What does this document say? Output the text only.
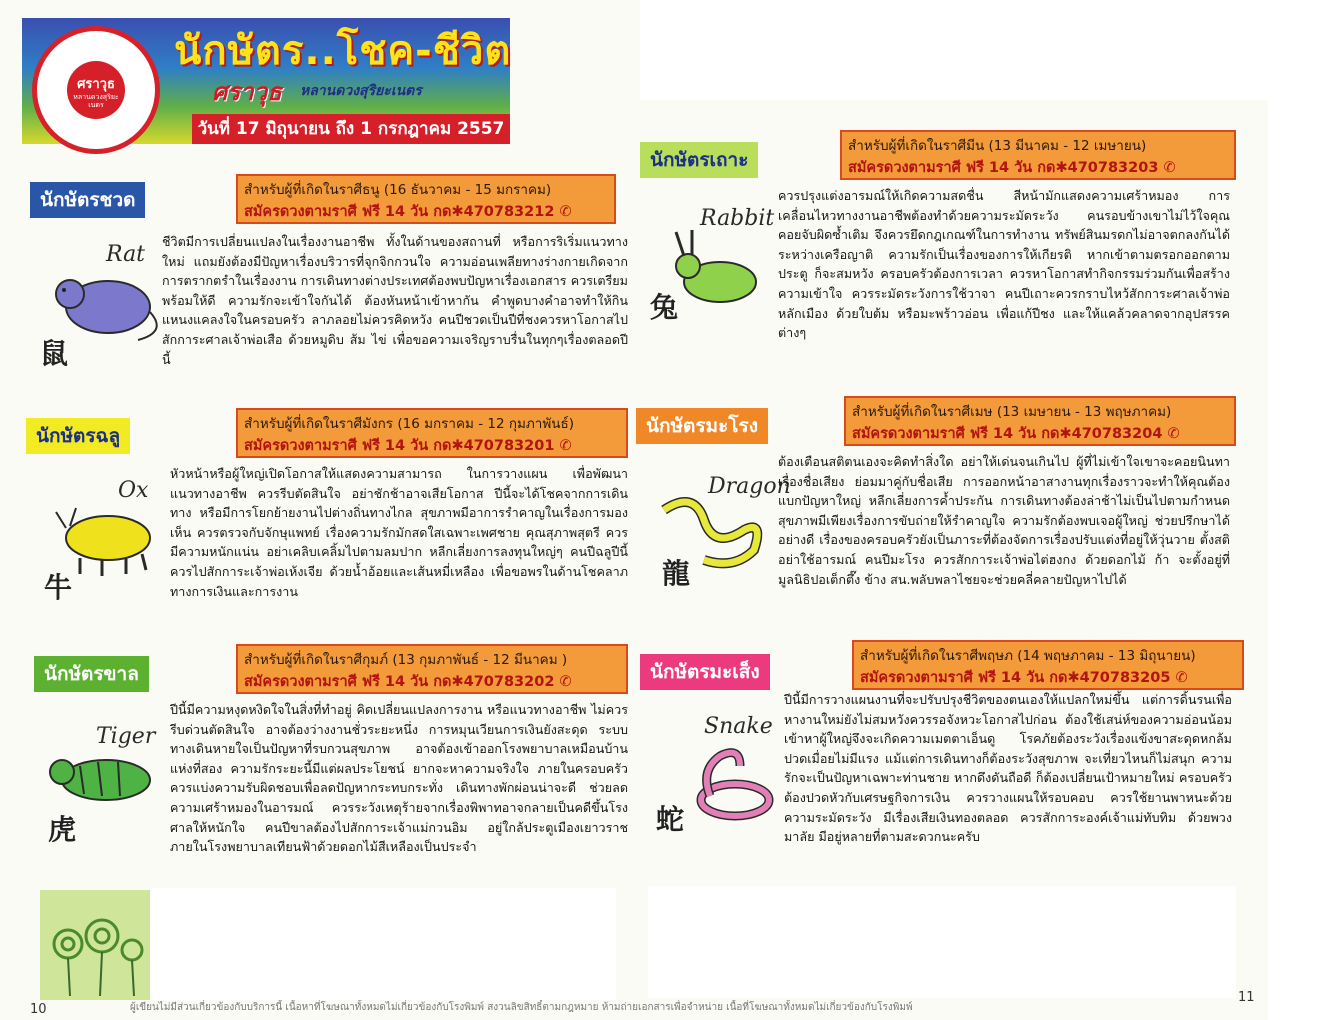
ศราวุธ
หลานดวงสุริยะเนตร
นักษัตร..โชค-ชีวิต
ศราวุธ หลานดวงสุริยะเนตร
วันที่ 17 มิถุนายน ถึง 1 กรกฎาคม 2557
นักษัตรชวด	สำหรับผู้ที่เกิดในราศีธนู (16 ธันวาคม - 15 มกราคม)
สมัครดวงตามราศี ฟรี 14 วัน กด✱470783212 ✆
Rat
鼠
ชีวิตมีการเปลี่ยนแปลงในเรื่องงานอาชีพ ทั้งในด้านของสถานที่ หรือการริเริ่มแนวทางใหม่ แถมยังต้องมีปัญหาเรื่องบริวารที่จุกจิกกวนใจ ความอ่อนเพลียทางร่างกายเกิดจากการตรากตรำในเรื่องงาน การเดินทางต่างประเทศต้องพบปัญหาเรื่องเอกสาร ควรเตรียมพร้อมให้ดี ความรักจะเข้าใจกันได้ ต้องหันหน้าเข้าหากัน คำพูดบางคำอาจทำให้กินแหนงแคลงใจในครอบครัว ลาภลอยไม่ควรคิดหวัง คนปีชวดเป็นปีที่ชงควรหาโอกาสไปสักการะศาลเจ้าพ่อเสือ ด้วยหมูดิบ ส้ม ไข่ เพื่อขอความเจริญราบรื่นในทุกๆเรื่องตลอดปีนี้
นักษัตรฉลู
สำหรับผู้ที่เกิดในราศีมังกร (16 มกราคม - 12 กุมภาพันธ์)
สมัครดวงตามราศี ฟรี 14 วัน กด✱470783201 ✆
Ox
牛
หัวหน้าหรือผู้ใหญ่เปิดโอกาสให้แสดงความสามารถ ในการวางแผน เพื่อพัฒนาแนวทางอาชีพ ควรรีบตัดสินใจ อย่าชักช้าอาจเสียโอกาส ปีนี้จะได้โชคจากการเดินทาง หรือมีการโยกย้ายงานไปต่างถิ่นทางไกล สุขภาพมีอาการรำคาญในเรื่องการมองเห็น ควรตรวจกับจักษุแพทย์ เรื่องความรักมักสดใสเฉพาะเพศชาย คุณสุภาพสุตรี ควรมีความหนักแน่น อย่าเคลิบเคลิ้มไปตามลมปาก หลีกเลี่ยงการลงทุนใหญ่ๆ คนปีฉลูปีนี้ควรไปสักการะเจ้าพ่อเห้งเจีย ด้วยน้ำอ้อยและเส้นหมี่เหลือง เพื่อขอพรในด้านโชคลาภทางการเงินและการงาน
นักษัตรขาล
สำหรับผู้ที่เกิดในราศีกุมภ์ (13 กุมภาพันธ์ - 12 มีนาคม )
สมัครดวงตามราศี ฟรี 14 วัน กด✱470783202 ✆
Tiger
虎
ปีนี้มีความหงุดหงิดใจในสิ่งที่ทำอยู่ คิดเปลี่ยนแปลงการงาน หรือแนวทางอาชีพ ไม่ควรรีบด่วนตัดสินใจ อาจต้องว่างงานชั่วระยะหนึ่ง การหมุนเวียนการเงินยังสะดุด ระบบทางเดินหายใจเป็นปัญหาที่รบกวนสุขภาพ อาจต้องเข้าออกโรงพยาบาลเหมือนบ้านแห่งที่สอง ความรักระยะนี้มีแต่ผลประโยชน์ ยากจะหาความจริงใจ ภายในครอบครัว ควรแบ่งความรับผิดชอบเพื่อลดปัญหากระทบกระทั่ง เดินทางพักผ่อนน่าจะดี ช่วยลดความเศร้าหมองในอารมณ์ ควรระวังเหตุร้ายจากเรื่องพิพาทอาจกลายเป็นคดีขึ้นโรงศาลให้หนักใจ คนปีขาลต้องไปสักการะเจ้าแม่กวนอิม อยู่ใกล้ประตูเมืองเยาวราช ภายในโรงพยาบาลเทียนฟ้าด้วยดอกไม้สีเหลืองเป็นประจำ
นักษัตรเถาะ
สำหรับผู้ที่เกิดในราศีมีน (13 มีนาคม - 12 เมษายน)
สมัครดวงตามราศี ฟรี 14 วัน กด✱470783203 ✆
Rabbit
兔
ควรปรุงแต่งอารมณ์ให้เกิดความสดชื่น สีหน้ามักแสดงความเศร้าหมอง การเคลื่อนไหวทางงานอาชีพต้องทำด้วยความระมัดระวัง คนรอบข้างเขาไม่ไว้ใจคุณ คอยจับผิดซ้ำเติม จึงควรยึดกฎเกณฑ์ในการทำงาน ทรัพย์สินมรดกไม่อาจตกลงกันได้ระหว่างเครือญาติ ความรักเป็นเรื่องของการให้เกียรติ หากเข้าตามตรอกออกตามประตู ก็จะสมหวัง ครอบครัวต้องการเวลา ควรหาโอกาสทำกิจกรรมร่วมกันเพื่อสร้างความเข้าใจ ควรระมัดระวังการใช้วาจา คนปีเถาะควรกราบไหว้สักการะศาลเจ้าพ่อหลักเมือง ด้วยใบต้ม หรือมะพร้าวอ่อน เพื่อแก้ปีชง และให้แคล้วคลาดจากอุปสรรคต่างๆ
นักษัตรมะโรง
สำหรับผู้ที่เกิดในราศีเมษ (13 เมษายน - 13 พฤษภาคม)
สมัครดวงตามราศี ฟรี 14 วัน กด✱470783204 ✆
Dragon
龍
ต้องเตือนสติตนเองจะคิดทำสิ่งใด อย่าให้เด่นจนเกินไป ผู้ที่ไม่เข้าใจเขาจะคอยนินทา เรื่องชื่อเสียง ย่อมมาคู่กับชื่อเสีย การออกหน้าอาสางานทุกเรื่องราวจะทำให้คุณต้องแบกปัญหาใหญ่ หลีกเลี่ยงการค้ำประกัน การเดินทางต้องล่าช้าไม่เป็นไปตามกำหนด สุขภาพมีเพียงเรื่องการขับถ่ายให้รำคาญใจ ความรักต้องพบเจอผู้ใหญ่ ช่วยปรึกษาได้อย่างดี เรื่องของครอบครัวยังเป็นภาระที่ต้องจัดการเรื่องปรับแต่งที่อยู่ให้วุ่นวาย ตั้งสติอย่าใช้อารมณ์ คนปีมะโรง ควรสักการะเจ้าพ่อไต่ฮงกง ด้วยดอกไม้ ก้า จะตั้งอยู่ที่มูลนิธิปอเต็กตึ๊ง ข้าง สน.พลับพลาไชยจะช่วยคลี่คลายปัญหาไปได้
นักษัตรมะเส็ง
สำหรับผู้ที่เกิดในราศีพฤษภ (14 พฤษภาคม - 13 มิถุนายน)
สมัครดวงตามราศี ฟรี 14 วัน กด✱470783205 ✆
Snake
蛇
ปีนี้มีการวางแผนงานที่จะปรับปรุงชีวิตของตนเองให้แปลกใหม่ขึ้น แต่การดิ้นรนเพื่อหางานใหม่ยังไม่สมหวังควรรอจังหวะโอกาสไปก่อน ต้องใช้เสน่ห์ของความอ่อนน้อมเข้าหาผู้ใหญ่จึงจะเกิดความเมตตาเอ็นดู โรคภัยต้องระวังเรื่องแข้งขาสะดุดหกล้ม ปวดเมื่อยไม่มีแรง แม้แต่การเดินทางก็ต้องระวังสุขภาพ จะเที่ยวไหนก็ไม่สนุก ความรักจะเป็นปัญหาเฉพาะท่านชาย หากดึงดันถือดี ก็ต้องเปลี่ยนเป้าหมายใหม่ ครอบครัวต้องปวดหัวกับเศรษฐกิจการเงิน ควรวางแผนให้รอบคอบ ควรใช้ยานพาหนะด้วยความระมัดระวัง มีเรื่องเสียเงินทองตลอด ควรสักการะองค์เจ้าแม่ทับทิม ด้วยพวงมาลัย มีอยู่หลายที่ตามสะดวกนะครับ
10
11
ผู้เขียนไม่มีส่วนเกี่ยวข้องกับบริการนี้ เนื้อหาที่โฆษณาทั้งหมดไม่เกี่ยวข้องกับโรงพิมพ์ สงวนลิขสิทธิ์ตามกฎหมาย ห้ามถ่ายเอกสารเพื่อจำหน่าย เนื้อที่โฆษณาทั้งหมดไม่เกี่ยวข้องกับโรงพิมพ์
